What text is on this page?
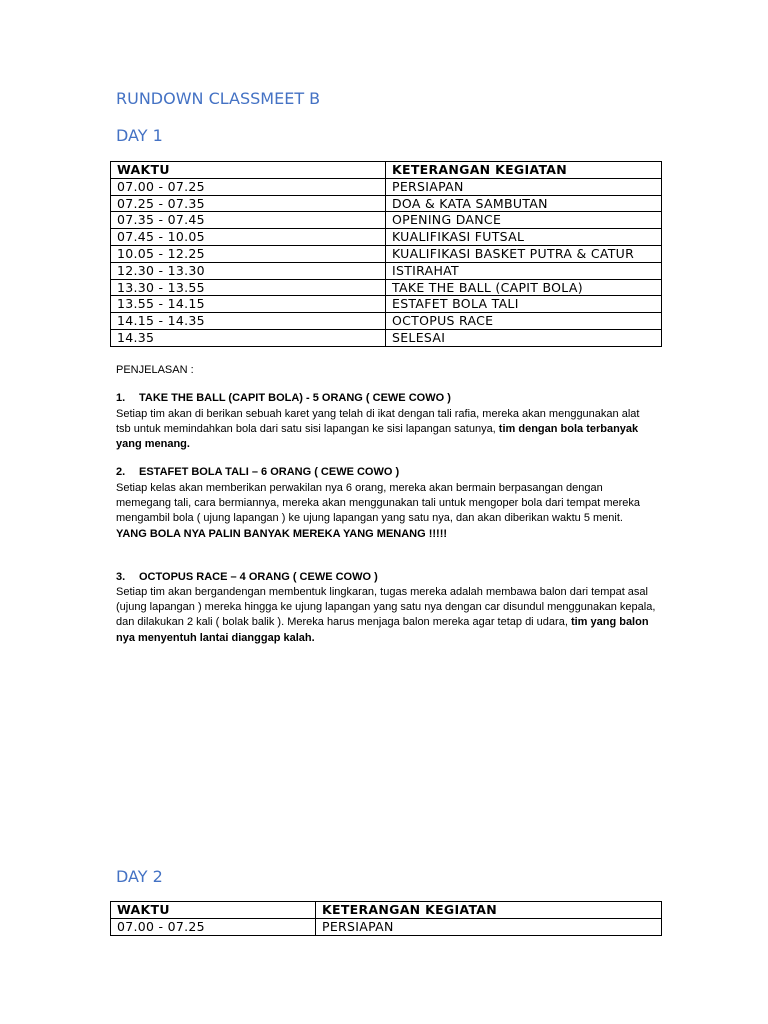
RUNDOWN CLASSMEET B
DAY 1
WAKTU	KETERANGAN KEGIATAN
07.00 - 07.25	PERSIAPAN
07.25 - 07.35	DOA & KATA SAMBUTAN
07.35 - 07.45	OPENING DANCE
07.45 - 10.05	KUALIFIKASI FUTSAL
10.05 - 12.25	KUALIFIKASI BASKET PUTRA & CATUR
12.30 - 13.30	ISTIRAHAT
13.30 - 13.55	TAKE THE BALL (CAPIT BOLA)
13.55 - 14.15	ESTAFET BOLA TALI
14.15 - 14.35	OCTOPUS RACE
14.35	SELESAI
PENJELASAN :
1. TAKE THE BALL (CAPIT BOLA) - 5 ORANG ( CEWE COWO )
Setiap tim akan di berikan sebuah karet yang telah di ikat dengan tali rafia, mereka akan menggunakan alat tsb untuk memindahkan bola dari satu sisi lapangan ke sisi lapangan satunya, tim dengan bola terbanyak yang menang.
2. ESTAFET BOLA TALI – 6 ORANG ( CEWE COWO )
Setiap kelas akan memberikan perwakilan nya 6 orang, mereka akan bermain berpasangan dengan memegang tali, cara bermiannya, mereka akan menggunakan tali untuk mengoper bola dari tempat mereka mengambil bola ( ujung lapangan ) ke ujung lapangan yang satu nya, dan akan diberikan waktu 5 menit.
YANG BOLA NYA PALIN BANYAK MEREKA YANG MENANG !!!!!
3. OCTOPUS RACE – 4 ORANG ( CEWE COWO )
Setiap tim akan bergandengan membentuk lingkaran, tugas mereka adalah membawa balon dari tempat asal (ujung lapangan ) mereka hingga ke ujung lapangan yang satu nya dengan car disundul menggunakan kepala, dan dilakukan 2 kali ( bolak balik ). Mereka harus menjaga balon mereka agar tetap di udara, tim yang balon nya menyentuh lantai dianggap kalah.
DAY 2
WAKTU	KETERANGAN KEGIATAN
07.00 - 07.25	PERSIAPAN
